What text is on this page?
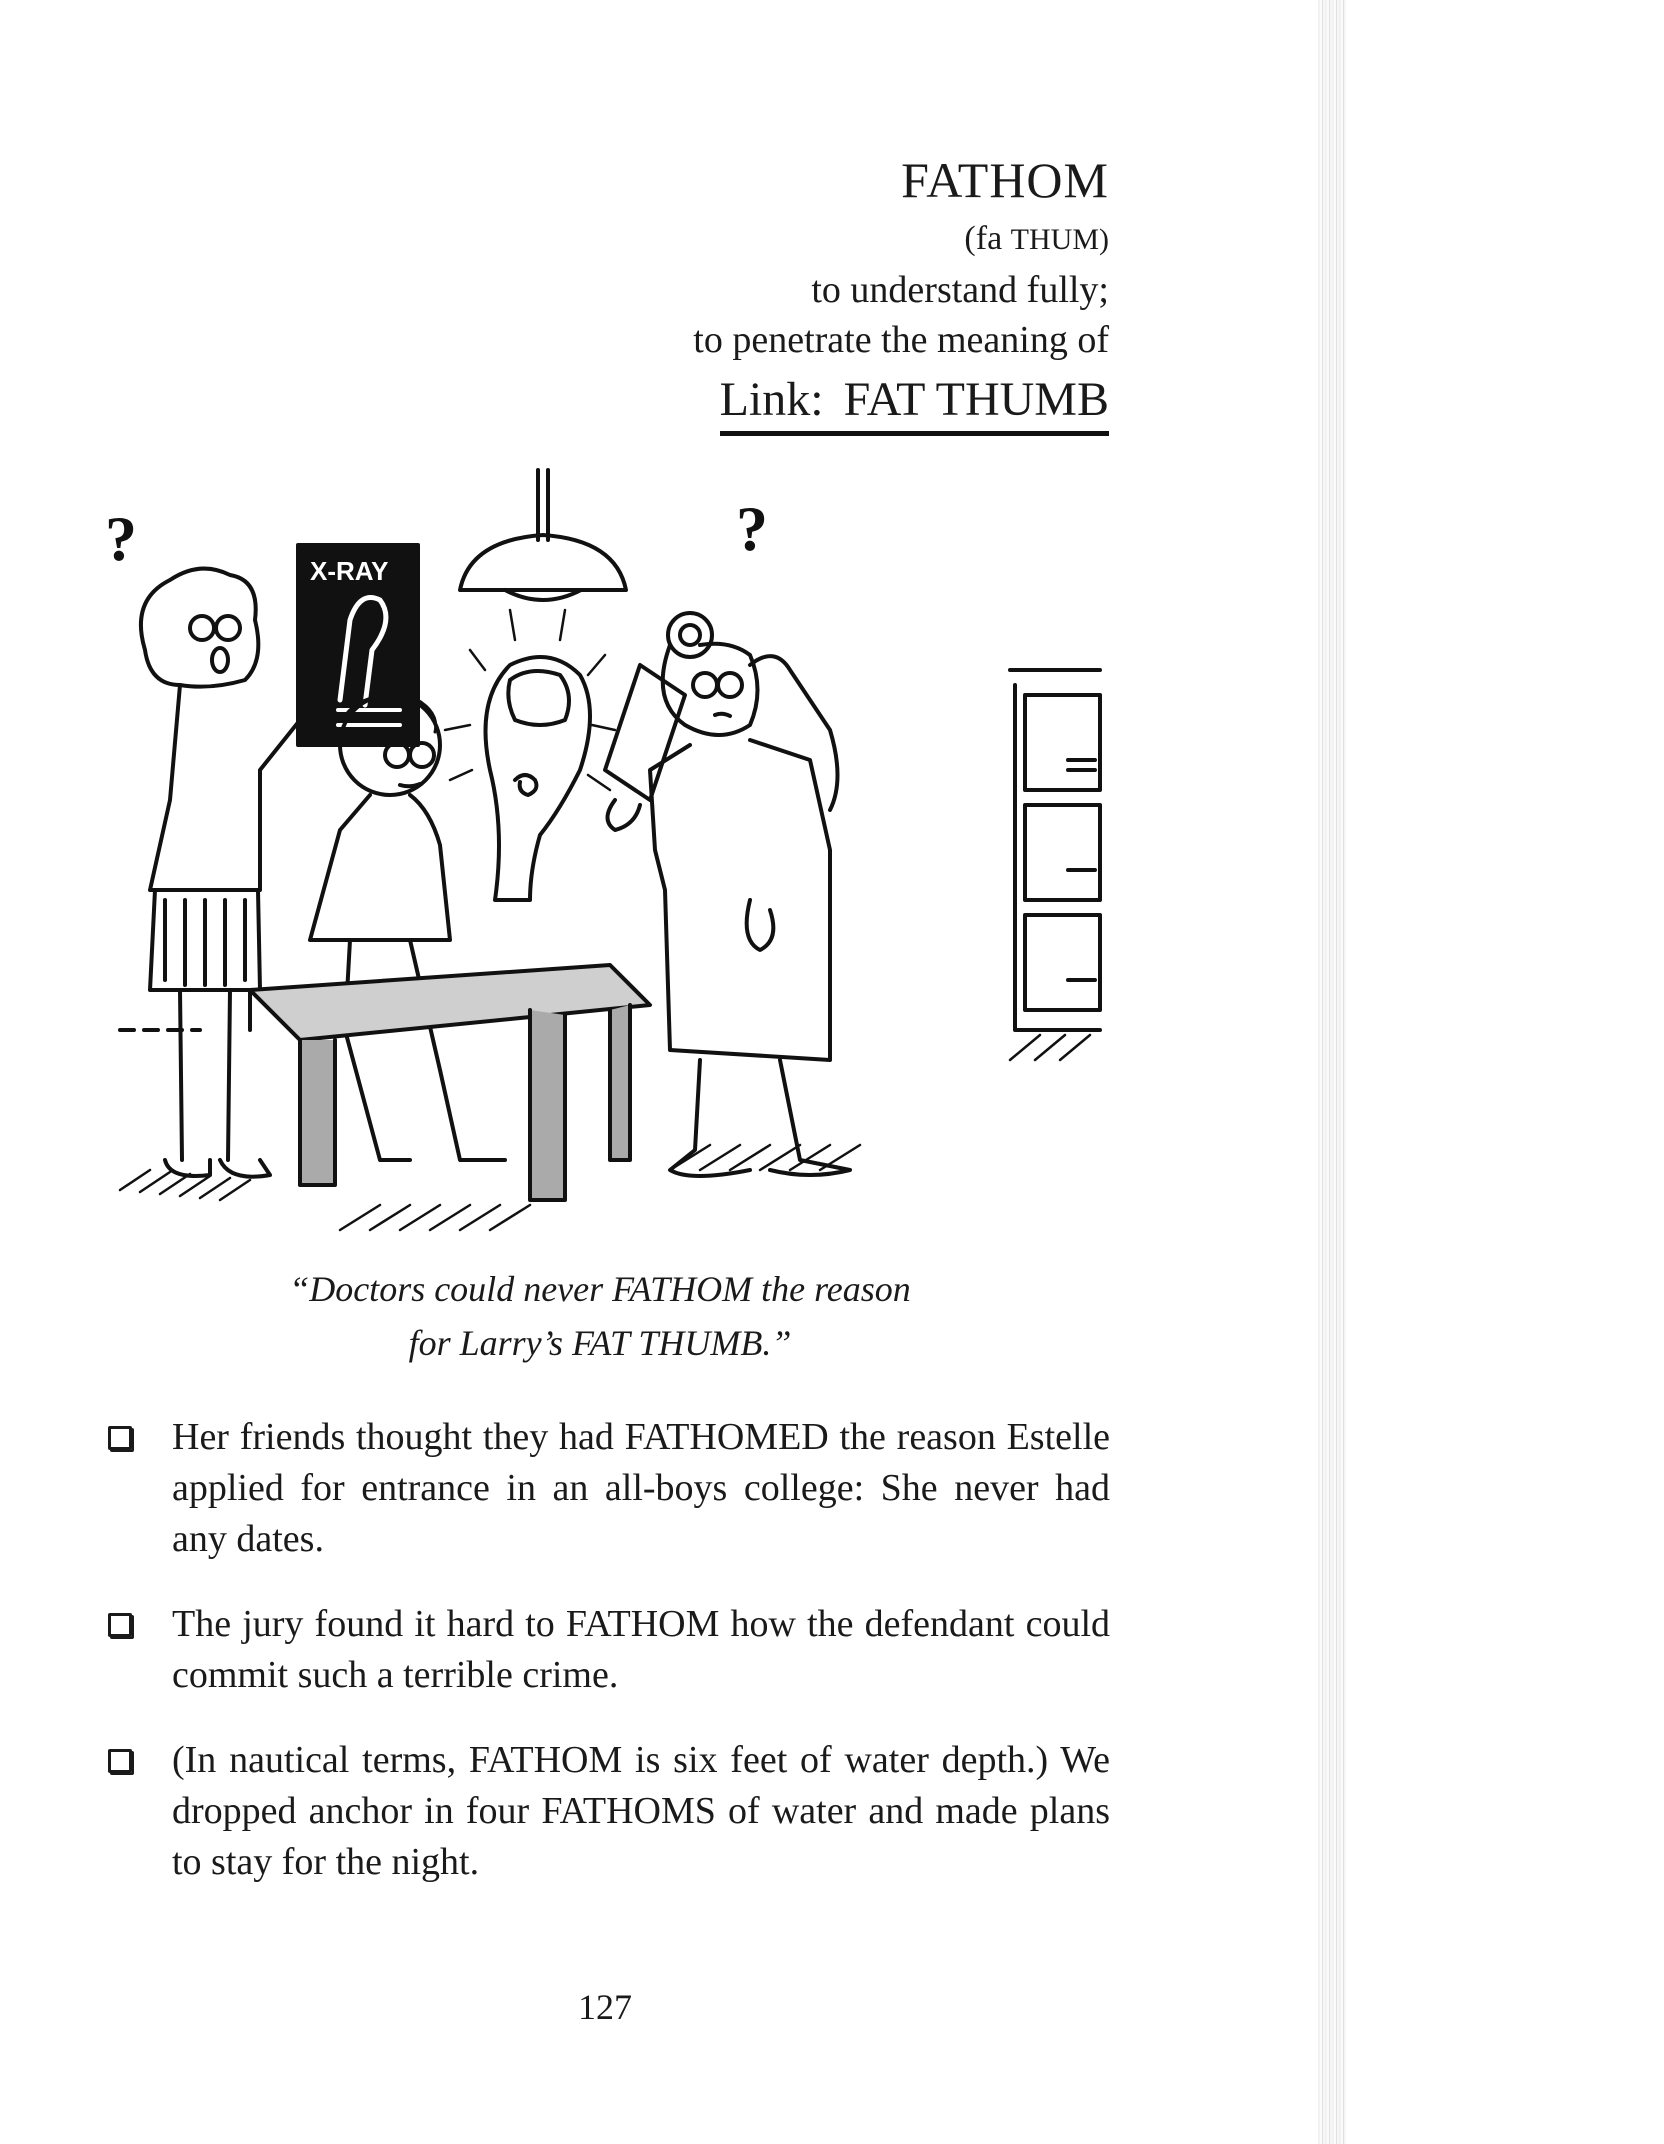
FATHOM
(fa THUM)
to understand fully;
to penetrate the meaning of
Link: FAT THUMB
X-RAY
?	?
“Doctors could never FATHOM the reason
for Larry’s FAT THUMB.”
Her friends thought they had FATHOMED the reason Estelle applied for entrance in an all-boys college: She never had any dates.
The jury found it hard to FATHOM how the defendant could commit such a terrible crime.
(In nautical terms, FATHOM is six feet of water depth.) We dropped anchor in four FATHOMS of water and made plans to stay for the night.
127
